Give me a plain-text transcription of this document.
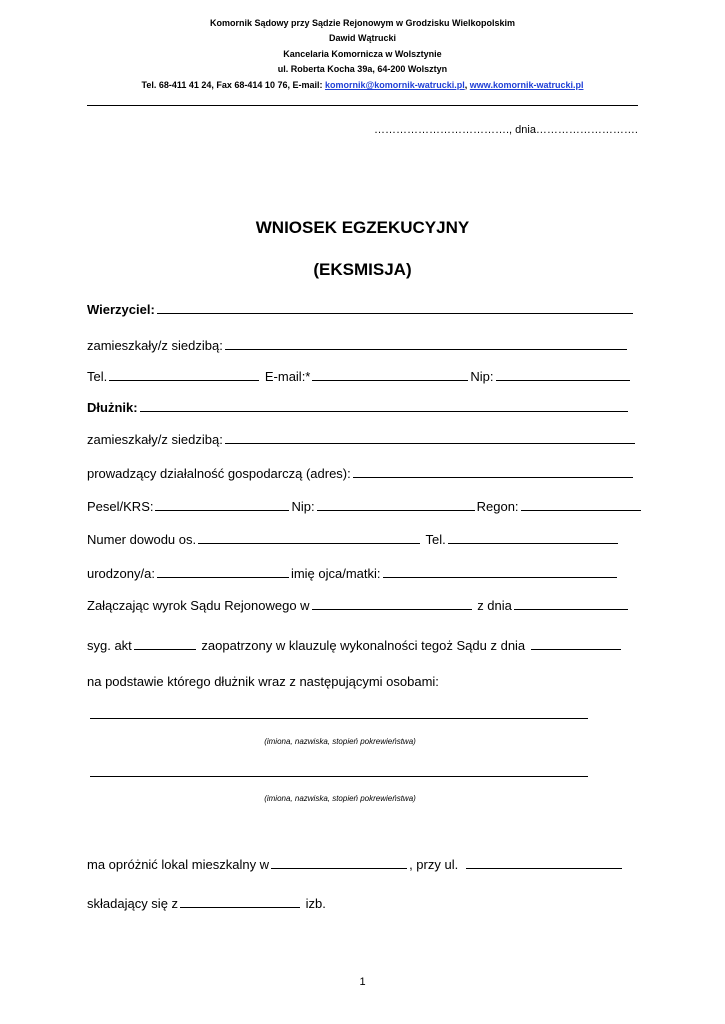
Komornik Sądowy przy Sądzie Rejonowym w Grodzisku Wielkopolskim
Dawid Wątrucki
Kancelaria Komornicza w Wolsztynie
ul. Roberta Kocha 39a, 64-200 Wolsztyn
Tel. 68-411 41 24, Fax 68-414 10 76, E-mail: komornik@komornik-watrucki.pl, www.komornik-watrucki.pl
………………………………., dnia……………………….
WNIOSEK EGZEKUCYJNY
(EKSMISJA)
Wierzyciel:
zamieszkały/z siedzibą:
Tel.	E-mail:*	Nip:
Dłużnik:
zamieszkały/z siedzibą:
prowadzący działalność gospodarczą (adres):
Pesel/KRS:	Nip:	Regon:
Numer dowodu os.	Tel.
urodzony/a:	imię ojca/matki:
Załączając wyrok Sądu Rejonowego w	z dnia
syg. akt	zaopatrzony w klauzulę wykonalności tegoż Sądu z dnia
na podstawie którego dłużnik wraz z następującymi osobami:
(imiona, nazwiska, stopień pokrewieństwa)
(imiona, nazwiska, stopień pokrewieństwa)
ma opróżnić lokal mieszkalny w	, przy ul.
składający się z	izb.
1
